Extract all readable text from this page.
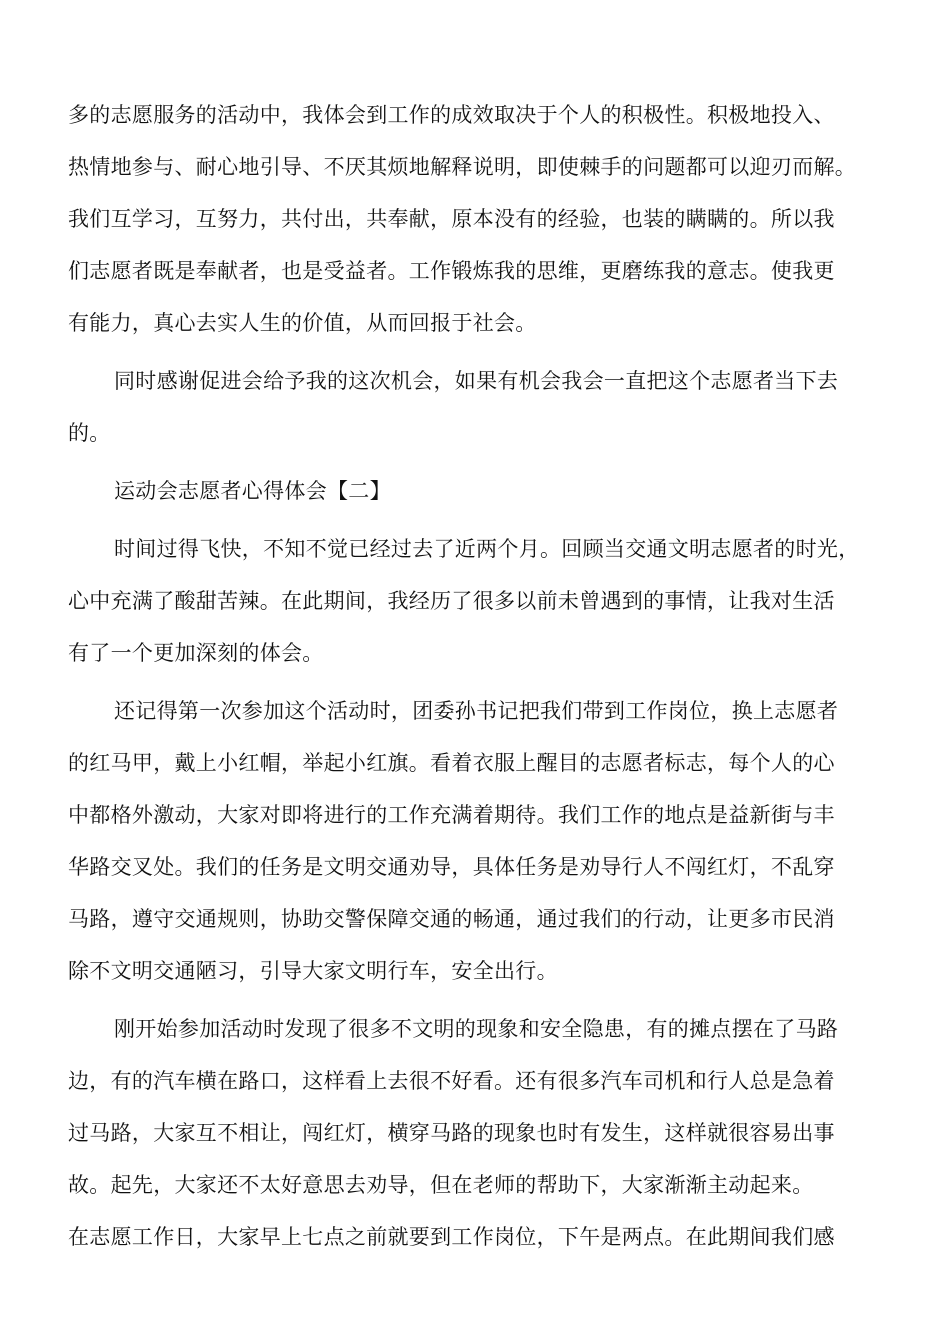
多的志愿服务的活动中，我体会到工作的成效取决于个人的积极性。积极地投入、
热情地参与、耐心地引导、不厌其烦地解释说明，即使棘手的问题都可以迎刃而解。
我们互学习，互努力，共付出，共奉献，原本没有的经验，也装的瞒瞒的。所以我
们志愿者既是奉献者，也是受益者。工作锻炼我的思维，更磨练我的意志。使我更
有能力，真心去实人生的价值，从而回报于社会。
同时感谢促进会给予我的这次机会，如果有机会我会一直把这个志愿者当下去
的。
运动会志愿者心得体会【二】
时间过得飞快，不知不觉已经过去了近两个月。回顾当交通文明志愿者的时光，
心中充满了酸甜苦辣。在此期间，我经历了很多以前未曾遇到的事情，让我对生活
有了一个更加深刻的体会。
还记得第一次参加这个活动时，团委孙书记把我们带到工作岗位，换上志愿者
的红马甲，戴上小红帽，举起小红旗。看着衣服上醒目的志愿者标志，每个人的心
中都格外激动，大家对即将进行的工作充满着期待。我们工作的地点是益新街与丰
华路交叉处。我们的任务是文明交通劝导，具体任务是劝导行人不闯红灯，不乱穿
马路，遵守交通规则，协助交警保障交通的畅通，通过我们的行动，让更多市民消
除不文明交通陋习，引导大家文明行车，安全出行。
刚开始参加活动时发现了很多不文明的现象和安全隐患，有的摊点摆在了马路
边，有的汽车横在路口，这样看上去很不好看。还有很多汽车司机和行人总是急着
过马路，大家互不相让，闯红灯，横穿马路的现象也时有发生，这样就很容易出事
故。起先，大家还不太好意思去劝导，但在老师的帮助下，大家渐渐主动起来。
在志愿工作日，大家早上七点之前就要到工作岗位，下午是两点。在此期间我们感
